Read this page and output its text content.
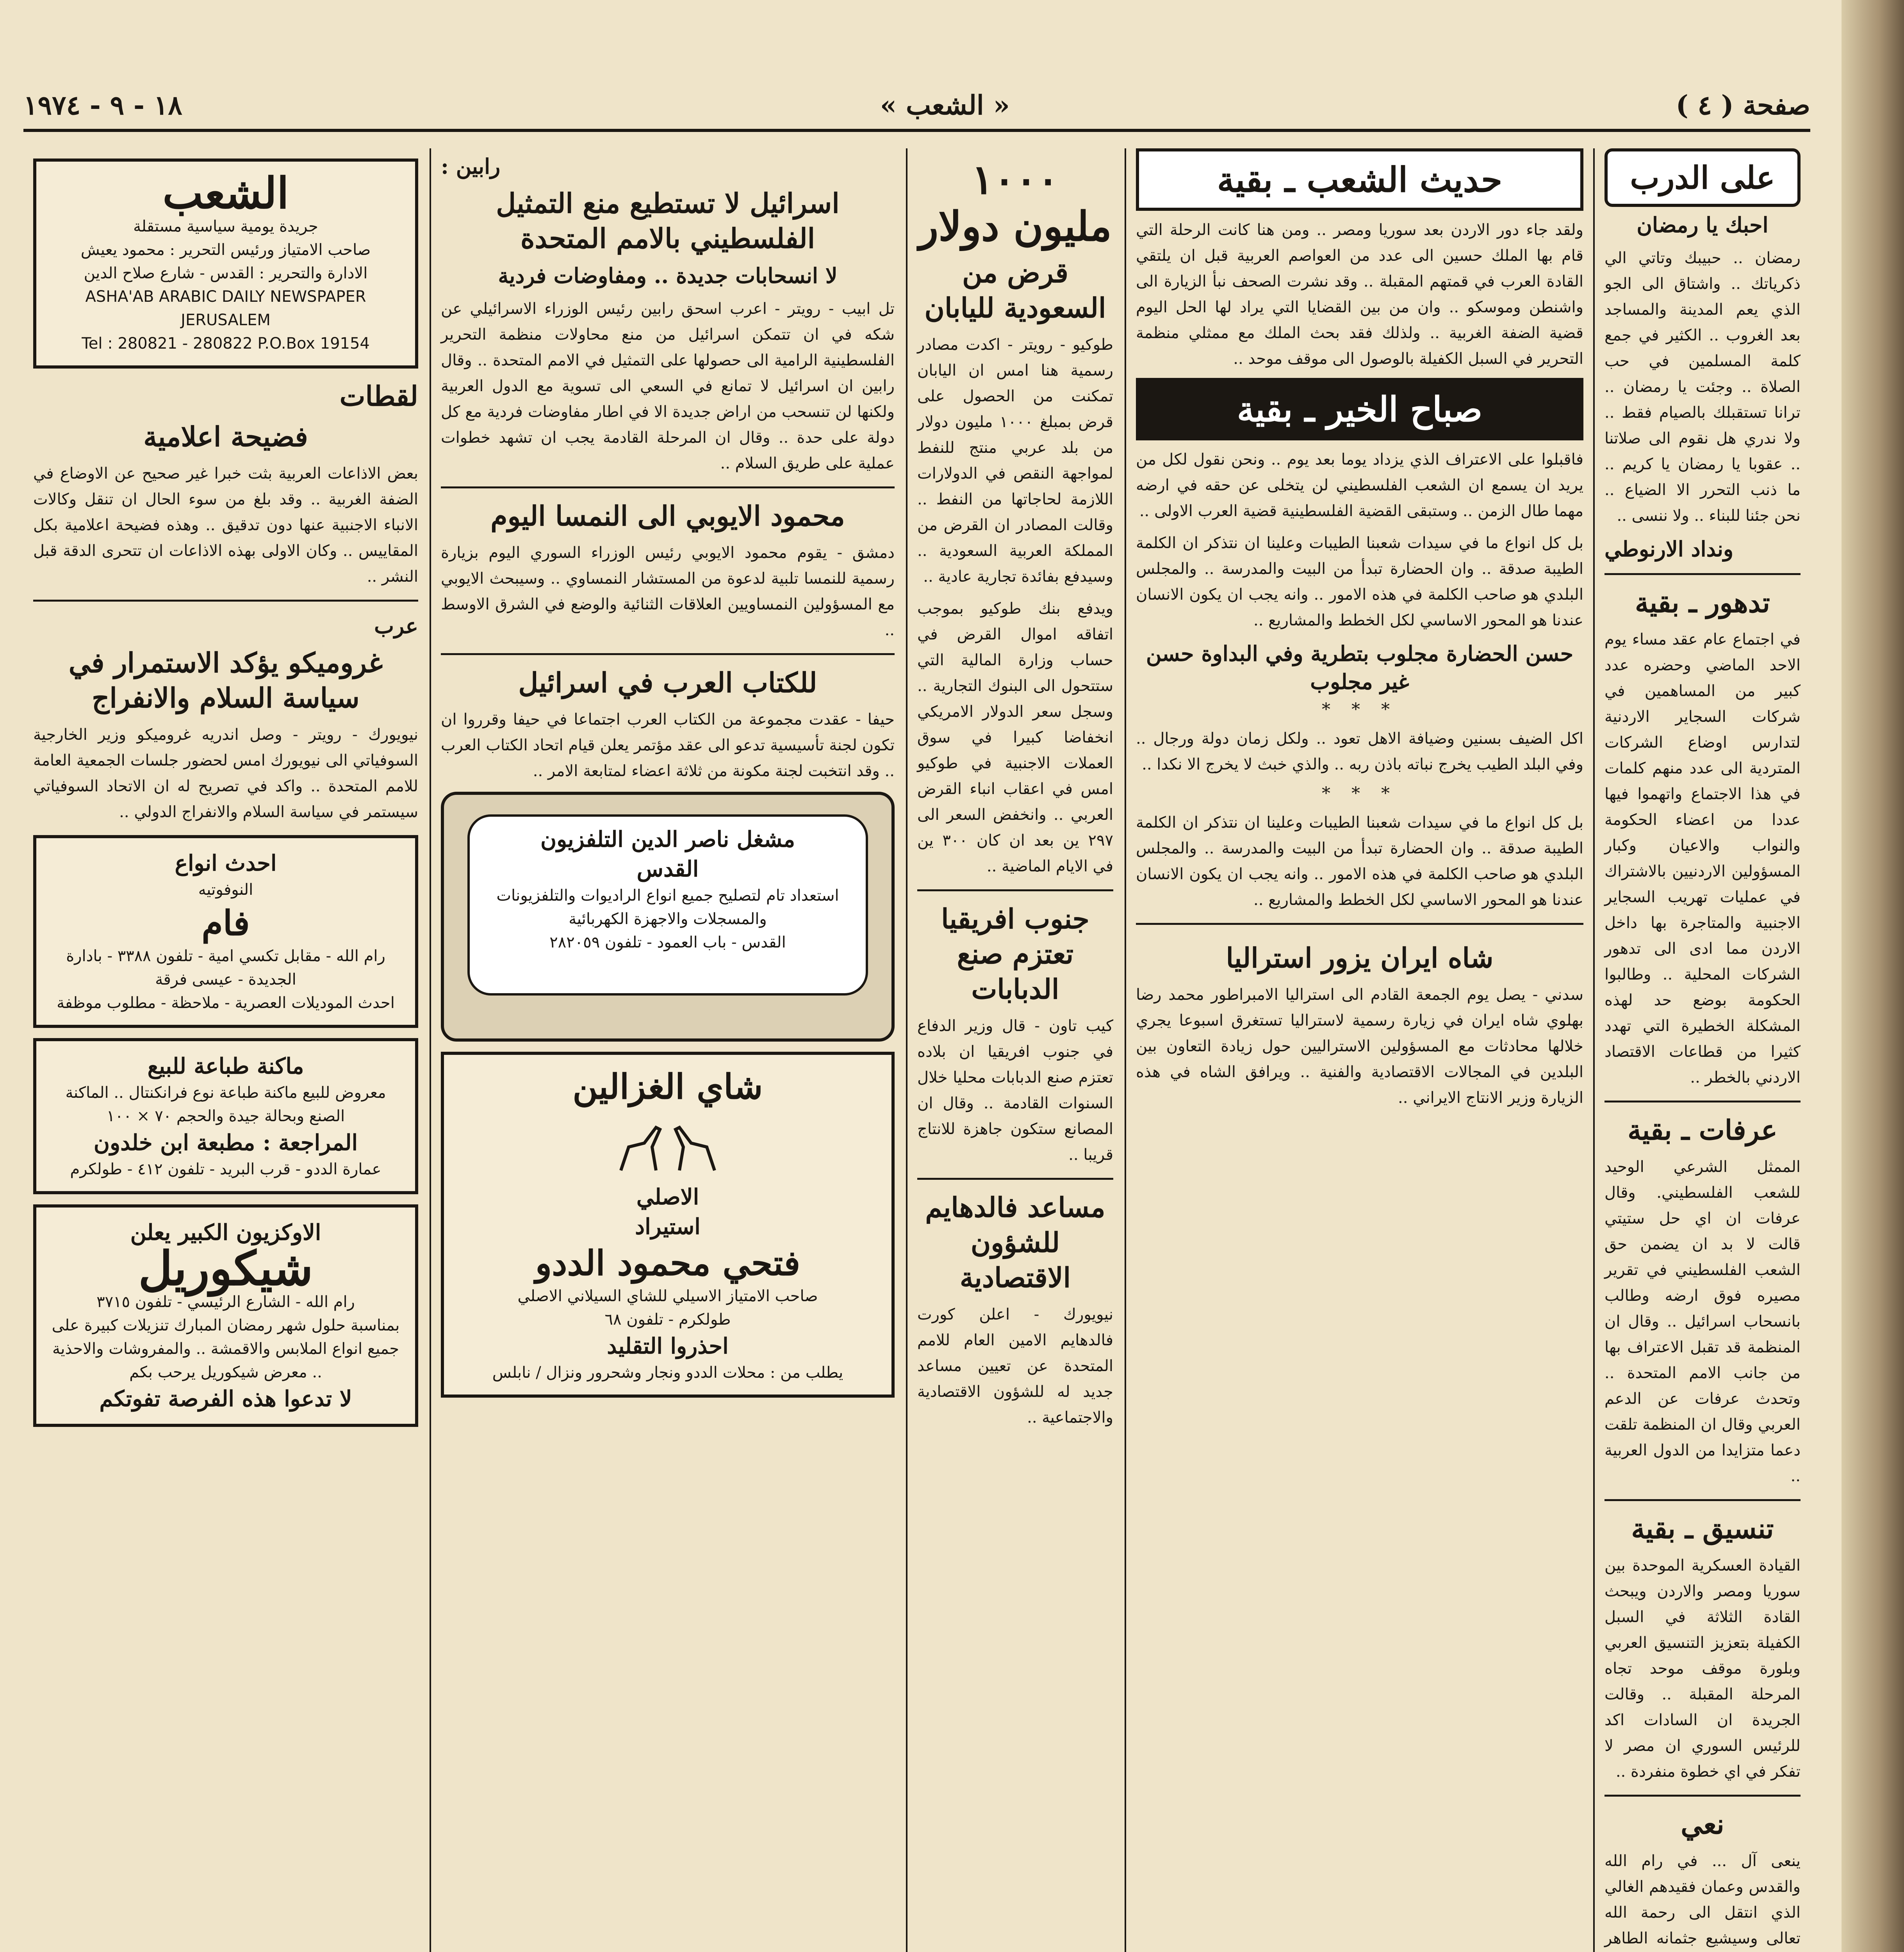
صفحة ( ٤ )
« الشعب »
١٨ - ٩ - ١٩٧٤
على الدرب
احبك يا رمضان
رمضان .. حبيبك وتاتي الي ذكرياتك .. واشتاق الى الجو الذي يعم المدينة والمساجد بعد الغروب .. الكثير في جمع كلمة المسلمين في حب الصلاة .. وجئت يا رمضان .. ترانا تستقبلك بالصيام فقط .. ولا ندري هل نقوم الى صلاتنا .. عقوبا يا رمضان يا كريم .. ما ذنب التحرر الا الضياع .. نحن جئنا للبناء .. ولا ننسى ..
ونداد الارنوطي
تدهور ـ بقية
في اجتماع عام عقد مساء يوم الاحد الماضي وحضره عدد كبير من المساهمين في شركات السجاير الاردنية لتدارس اوضاع الشركات المتردية الى عدد منهم كلمات في هذا الاجتماع واتهموا فيها عددا من اعضاء الحكومة والنواب والاعيان وكبار المسؤولين الاردنيين بالاشتراك في عمليات تهريب السجاير الاجنبية والمتاجرة بها داخل الاردن مما ادى الى تدهور الشركات المحلية .. وطالبوا الحكومة بوضع حد لهذه المشكلة الخطيرة التي تهدد كثيرا من قطاعات الاقتصاد الاردني بالخطر ..
عرفات ـ بقية
الممثل الشرعي الوحيد للشعب الفلسطيني. وقال عرفات ان اي حل ستيتي قالت لا بد ان يضمن حق الشعب الفلسطيني في تقرير مصيره فوق ارضه وطالب بانسحاب اسرائيل .. وقال ان المنظمة قد تقبل الاعتراف بها من جانب الامم المتحدة .. وتحدث عرفات عن الدعم العربي وقال ان المنظمة تلقت دعما متزايدا من الدول العربية ..
تنسيق ـ بقية
القيادة العسكرية الموحدة بين سوريا ومصر والاردن ويبحث القادة الثلاثة في السبل الكفيلة بتعزيز التنسيق العربي وبلورة موقف موحد تجاه المرحلة المقبلة .. وقالت الجريدة ان السادات اكد للرئيس السوري ان مصر لا تفكر في اي خطوة منفردة ..
نعي
ينعى آل ... في رام الله والقدس وعمان فقيدهم الغالي الذي انتقل الى رحمة الله تعالى وسيشيع جثمانه الطاهر
حديث الشعب ـ بقية
ولقد جاء دور الاردن بعد سوريا ومصر .. ومن هنا كانت الرحلة التي قام بها الملك حسين الى عدد من العواصم العربية قبل ان يلتقي القادة العرب في قمتهم المقبلة .. وقد نشرت الصحف نبأ الزيارة الى واشنطن وموسكو .. وان من بين القضايا التي يراد لها الحل اليوم قضية الضفة الغربية .. ولذلك فقد بحث الملك مع ممثلي منظمة التحرير في السبل الكفيلة بالوصول الى موقف موحد ..
صباح الخير ـ بقية
فاقبلوا على الاعتراف الذي يزداد يوما بعد يوم .. ونحن نقول لكل من يريد ان يسمع ان الشعب الفلسطيني لن يتخلى عن حقه في ارضه مهما طال الزمن .. وستبقى القضية الفلسطينية قضية العرب الاولى ..
بل كل انواع ما في سيدات شعبنا الطيبات وعلينا ان نتذكر ان الكلمة الطيبة صدقة .. وان الحضارة تبدأ من البيت والمدرسة .. والمجلس البلدي هو صاحب الكلمة في هذه الامور .. وانه يجب ان يكون الانسان عندنا هو المحور الاساسي لكل الخطط والمشاريع ..
حسن الحضارة مجلوب بتطرية وفي البداوة حسن غير مجلوب
* * *
اكل الضيف بسنين وضيافة الاهل تعود .. ولكل زمان دولة ورجال .. وفي البلد الطيب يخرج نباته باذن ربه .. والذي خبث لا يخرج الا نكدا ..
* * *
بل كل انواع ما في سيدات شعبنا الطيبات وعلينا ان نتذكر ان الكلمة الطيبة صدقة .. وان الحضارة تبدأ من البيت والمدرسة .. والمجلس البلدي هو صاحب الكلمة في هذه الامور .. وانه يجب ان يكون الانسان عندنا هو المحور الاساسي لكل الخطط والمشاريع ..
شاه ايران يزور استراليا
سدني - يصل يوم الجمعة القادم الى استراليا الامبراطور محمد رضا بهلوي شاه ايران في زيارة رسمية لاستراليا تستغرق اسبوعا يجري خلالها محادثات مع المسؤولين الاستراليين حول زيادة التعاون بين البلدين في المجالات الاقتصادية والفنية .. ويرافق الشاه في هذه الزيارة وزير الانتاج الايراني ..
١٠٠٠ مليون دولار
قرض من السعودية لليابان
طوكيو - رويتر - اكدت مصادر رسمية هنا امس ان اليابان تمكنت من الحصول على قرض بمبلغ ١٠٠٠ مليون دولار من بلد عربي منتج للنفط لمواجهة النقص في الدولارات اللازمة لحاجاتها من النفط .. وقالت المصادر ان القرض من المملكة العربية السعودية .. وسيدفع بفائدة تجارية عادية ..
ويدفع بنك طوكيو بموجب اتفاقه اموال القرض في حساب وزارة المالية التي ستتحول الى البنوك التجارية .. وسجل سعر الدولار الامريكي انخفاضا كبيرا في سوق العملات الاجنبية في طوكيو امس في اعقاب انباء القرض العربي .. وانخفض السعر الى ٢٩٧ ين بعد ان كان ٣٠٠ ين في الايام الماضية ..
جنوب افريقيا تعتزم صنع الدبابات
كيب تاون - قال وزير الدفاع في جنوب افريقيا ان بلاده تعتزم صنع الدبابات محليا خلال السنوات القادمة .. وقال ان المصانع ستكون جاهزة للانتاج قريبا ..
مساعد فالدهايم للشؤون الاقتصادية
نيويورك - اعلن كورت فالدهايم الامين العام للامم المتحدة عن تعيين مساعد جديد له للشؤون الاقتصادية والاجتماعية ..
رابين :
اسرائيل لا تستطيع منع التمثيل الفلسطيني بالامم المتحدة
لا انسحابات جديدة .. ومفاوضات فردية
تل ابيب - رويتر - اعرب اسحق رابين رئيس الوزراء الاسرائيلي عن شكه في ان تتمكن اسرائيل من منع محاولات منظمة التحرير الفلسطينية الرامية الى حصولها على التمثيل في الامم المتحدة .. وقال رابين ان اسرائيل لا تمانع في السعي الى تسوية مع الدول العربية ولكنها لن تنسحب من اراض جديدة الا في اطار مفاوضات فردية مع كل دولة على حدة .. وقال ان المرحلة القادمة يجب ان تشهد خطوات عملية على طريق السلام ..
محمود الايوبي الى النمسا اليوم
دمشق - يقوم محمود الايوبي رئيس الوزراء السوري اليوم بزيارة رسمية للنمسا تلبية لدعوة من المستشار النمساوي .. وسيبحث الايوبي مع المسؤولين النمساويين العلاقات الثنائية والوضع في الشرق الاوسط ..
للكتاب العرب في اسرائيل
حيفا - عقدت مجموعة من الكتاب العرب اجتماعا في حيفا وقرروا ان تكون لجنة تأسيسية تدعو الى عقد مؤتمر يعلن قيام اتحاد الكتاب العرب .. وقد انتخبت لجنة مكونة من ثلاثة اعضاء لمتابعة الامر ..
مشغل ناصر الدين التلفزيون
القدس
استعداد تام لتصليح جميع انواع الراديوات والتلفزيونات والمسجلات والاجهزة الكهربائية
القدس - باب العمود - تلفون ٢٨٢٠٥٩
شاي الغزالين
الاصلي
استيراد
فتحي محمود الددو
صاحب الامتياز الاسيلي للشاي السيلاني الاصلي
طولكرم - تلفون ٦٨
احذروا التقليد
يطلب من : محلات الددو ونجار وشحرور ونزال / نابلس
الشعب
جريدة يومية سياسية مستقلة
صاحب الامتياز ورئيس التحرير : محمود يعيش
الادارة والتحرير : القدس - شارع صلاح الدين
ASHA'AB ARABIC DAILY NEWSPAPER JERUSALEM
Tel : 280821 - 280822 P.O.Box 19154
لقطات
فضيحة اعلامية
بعض الاذاعات العربية بثت خبرا غير صحيح عن الاوضاع في الضفة الغربية .. وقد بلغ من سوء الحال ان تنقل وكالات الانباء الاجنبية عنها دون تدقيق .. وهذه فضيحة اعلامية بكل المقاييس .. وكان الاولى بهذه الاذاعات ان تتحرى الدقة قبل النشر ..
عرب
غروميكو يؤكد الاستمرار في سياسة السلام والانفراج
نيويورك - رويتر - وصل اندريه غروميكو وزير الخارجية السوفياتي الى نيويورك امس لحضور جلسات الجمعية العامة للامم المتحدة .. واكد في تصريح له ان الاتحاد السوفياتي سيستمر في سياسة السلام والانفراج الدولي ..
احدث انواع
النوفوتيه
فام
رام الله - مقابل تكسي امية - تلفون ٣٣٨٨ - بادارة الجديدة - عيسى فرقة
احدث الموديلات العصرية - ملاحظة - مطلوب موظفة
ماكنة طباعة للبيع
معروض للبيع ماكنة طباعة نوع فرانكنتال .. الماكنة الصنع وبحالة جيدة والحجم ٧٠ × ١٠٠
المراجعة : مطبعة ابن خلدون
عمارة الددو - قرب البريد - تلفون ٤١٢ - طولكرم
الاوكزيون الكبير يعلن
شيكوريل
رام الله - الشارع الرئيسي - تلفون ٣٧١٥
بمناسبة حلول شهر رمضان المبارك تنزيلات كبيرة على جميع انواع الملابس والاقمشة .. والمفروشات والاحذية .. معرض شيكوريل يرحب بكم
لا تدعوا هذه الفرصة تفوتكم
